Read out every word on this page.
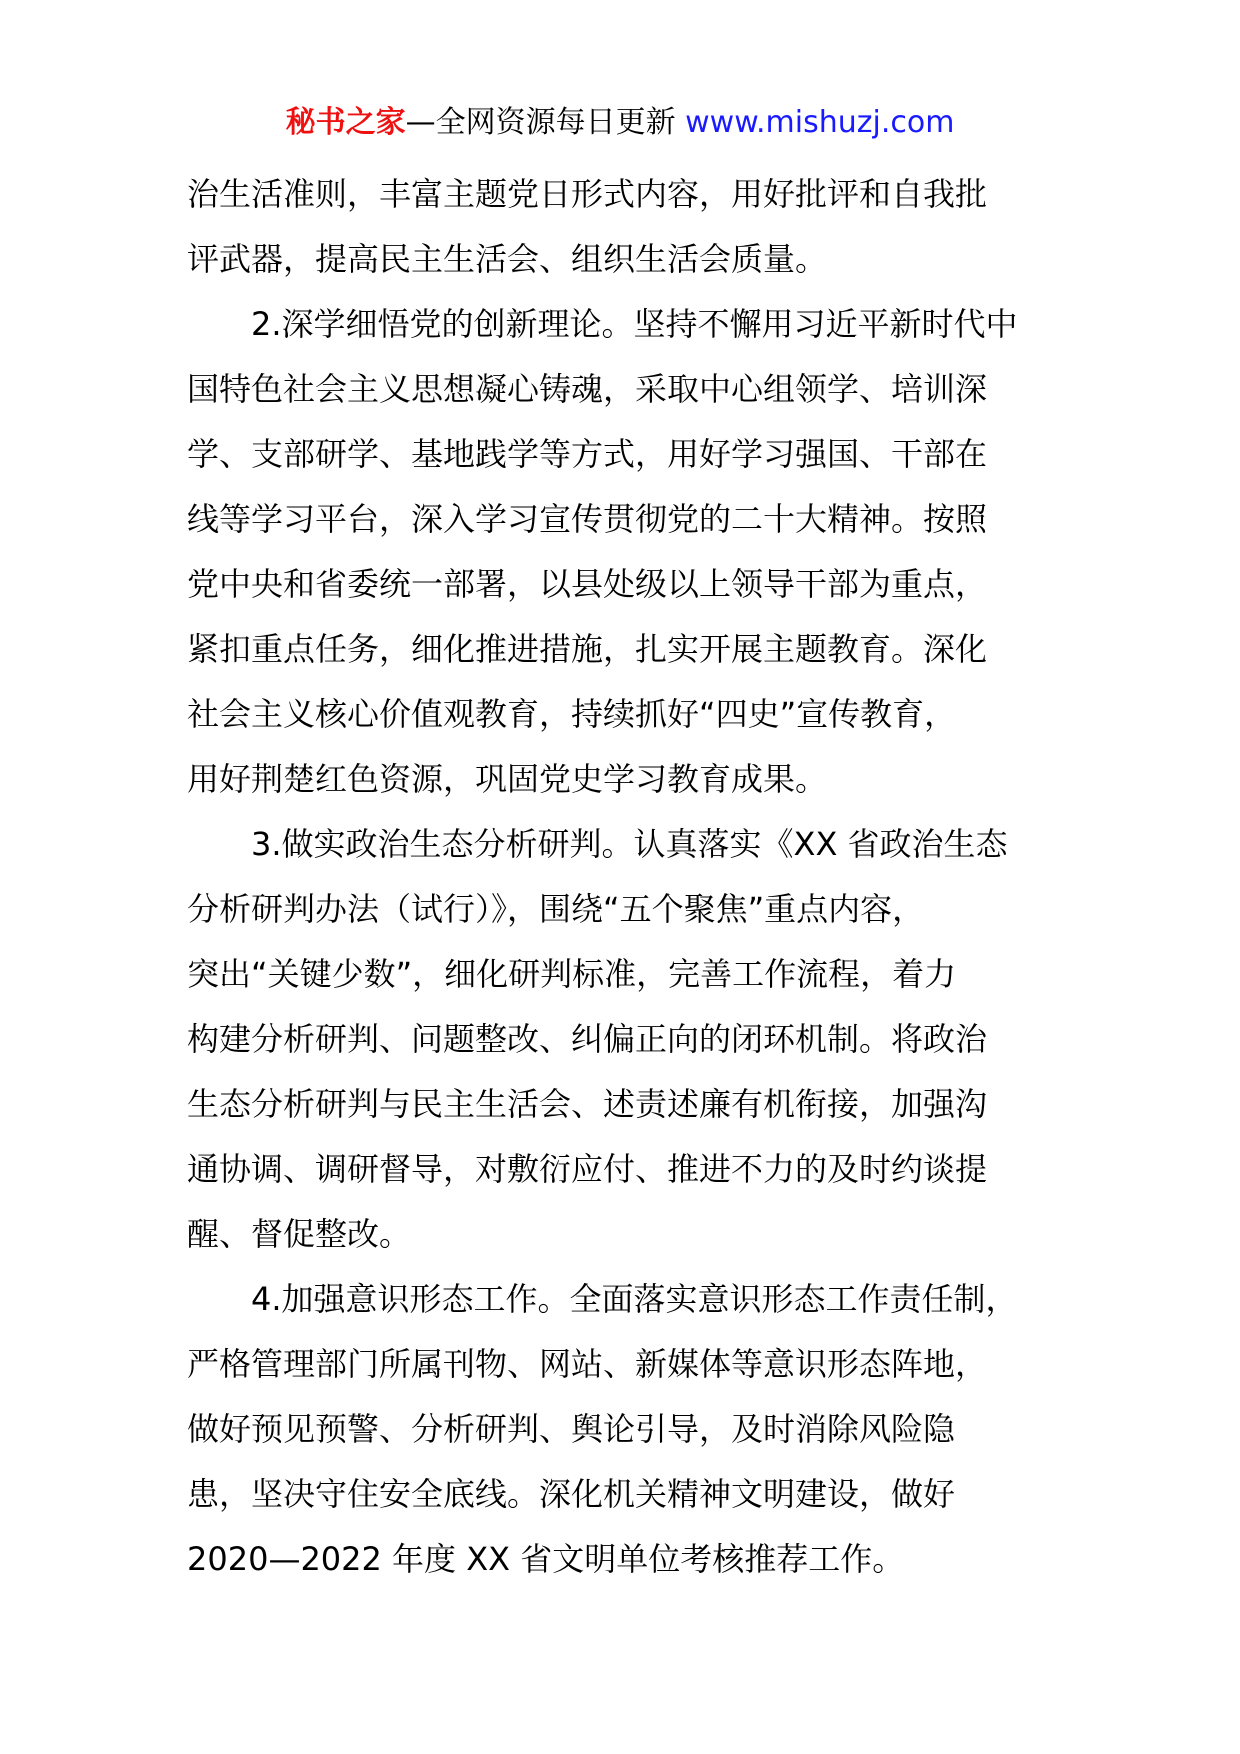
秘书之家—全网资源每日更新 www.mishuzj.com
治生活准则，丰富主题党日形式内容，用好批评和自我批
评武器，提高民主生活会、组织生活会质量。
2.深学细悟党的创新理论。坚持不懈用习近平新时代中
国特色社会主义思想凝心铸魂，采取中心组领学、培训深
学、支部研学、基地践学等方式，用好学习强国、干部在
线等学习平台，深入学习宣传贯彻党的二十大精神。按照
党中央和省委统一部署，以县处级以上领导干部为重点，
紧扣重点任务，细化推进措施，扎实开展主题教育。深化
社会主义核心价值观教育，持续抓好“四史”宣传教育，
用好荆楚红色资源，巩固党史学习教育成果。
3.做实政治生态分析研判。认真落实《XX 省政治生态
分析研判办法（试行）》，围绕“五个聚焦”重点内容，
突出“关键少数”，细化研判标准，完善工作流程，着力
构建分析研判、问题整改、纠偏正向的闭环机制。将政治
生态分析研判与民主生活会、述责述廉有机衔接，加强沟
通协调、调研督导，对敷衍应付、推进不力的及时约谈提
醒、督促整改。
4.加强意识形态工作。全面落实意识形态工作责任制，
严格管理部门所属刊物、网站、新媒体等意识形态阵地，
做好预见预警、分析研判、舆论引导，及时消除风险隐
患，坚决守住安全底线。深化机关精神文明建设，做好
2020—2022 年度 XX 省文明单位考核推荐工作。
